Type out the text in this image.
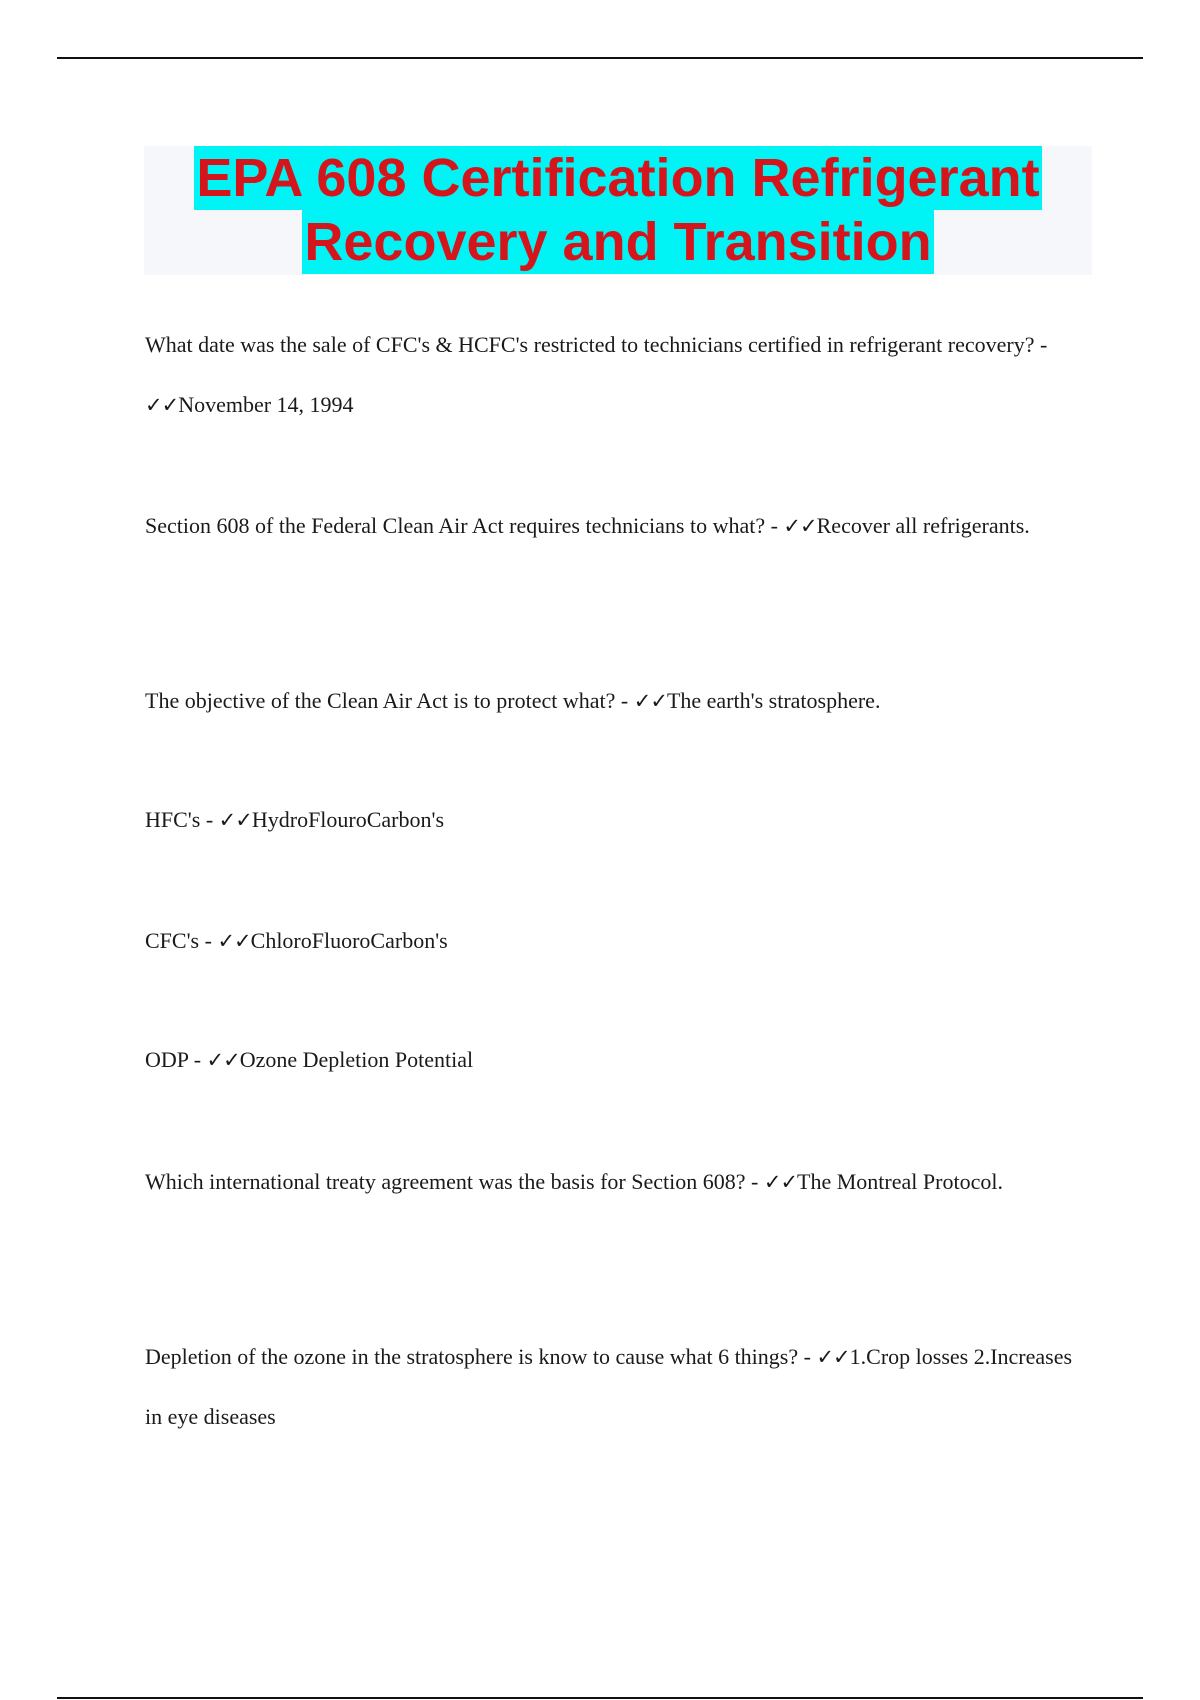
EPA 608 Certification Refrigerant
Recovery and Transition
What date was the sale of CFC's & HCFC's restricted to technicians certified in refrigerant recovery? - ✓✓November 14, 1994
Section 608 of the Federal Clean Air Act requires technicians to what? - ✓✓Recover all refrigerants.
The objective of the Clean Air Act is to protect what? - ✓✓The earth's stratosphere.
HFC's - ✓✓HydroFlouroCarbon's
CFC's - ✓✓ChloroFluoroCarbon's
ODP - ✓✓Ozone Depletion Potential
Which international treaty agreement was the basis for Section 608? - ✓✓The Montreal Protocol.
Depletion of the ozone in the stratosphere is know to cause what 6 things? - ✓✓1.Crop losses 2.Increases in eye diseases
